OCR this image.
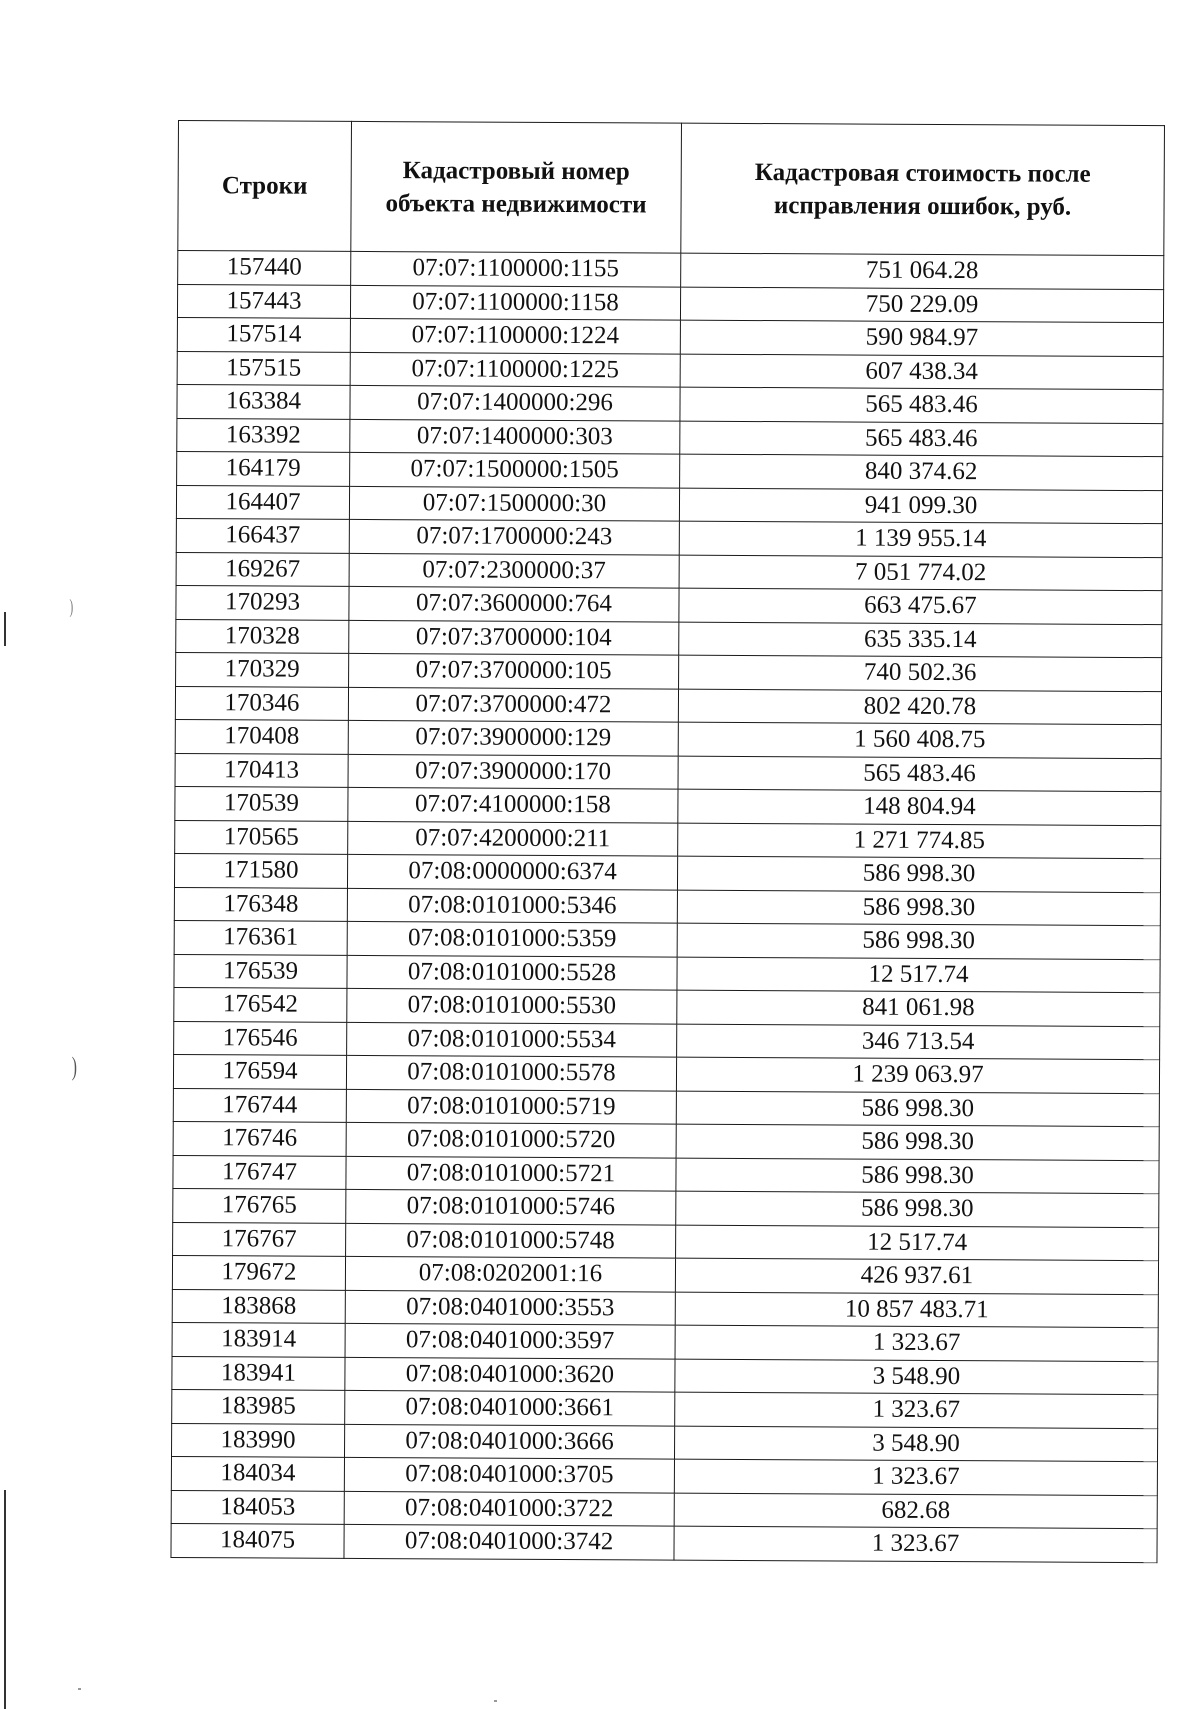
)
)
Строки	Кадастровый номер объекта недвижимости	Кадастровая стоимость после исправления ошибок, руб.
157440	07:07:1100000:1155	751 064.28
157443	07:07:1100000:1158	750 229.09
157514	07:07:1100000:1224	590 984.97
157515	07:07:1100000:1225	607 438.34
163384	07:07:1400000:296	565 483.46
163392	07:07:1400000:303	565 483.46
164179	07:07:1500000:1505	840 374.62
164407	07:07:1500000:30	941 099.30
166437	07:07:1700000:243	1 139 955.14
169267	07:07:2300000:37	7 051 774.02
170293	07:07:3600000:764	663 475.67
170328	07:07:3700000:104	635 335.14
170329	07:07:3700000:105	740 502.36
170346	07:07:3700000:472	802 420.78
170408	07:07:3900000:129	1 560 408.75
170413	07:07:3900000:170	565 483.46
170539	07:07:4100000:158	148 804.94
170565	07:07:4200000:211	1 271 774.85
171580	07:08:0000000:6374	586 998.30
176348	07:08:0101000:5346	586 998.30
176361	07:08:0101000:5359	586 998.30
176539	07:08:0101000:5528	12 517.74
176542	07:08:0101000:5530	841 061.98
176546	07:08:0101000:5534	346 713.54
176594	07:08:0101000:5578	1 239 063.97
176744	07:08:0101000:5719	586 998.30
176746	07:08:0101000:5720	586 998.30
176747	07:08:0101000:5721	586 998.30
176765	07:08:0101000:5746	586 998.30
176767	07:08:0101000:5748	12 517.74
179672	07:08:0202001:16	426 937.61
183868	07:08:0401000:3553	10 857 483.71
183914	07:08:0401000:3597	1 323.67
183941	07:08:0401000:3620	3 548.90
183985	07:08:0401000:3661	1 323.67
183990	07:08:0401000:3666	3 548.90
184034	07:08:0401000:3705	1 323.67
184053	07:08:0401000:3722	682.68
184075	07:08:0401000:3742	1 323.67
